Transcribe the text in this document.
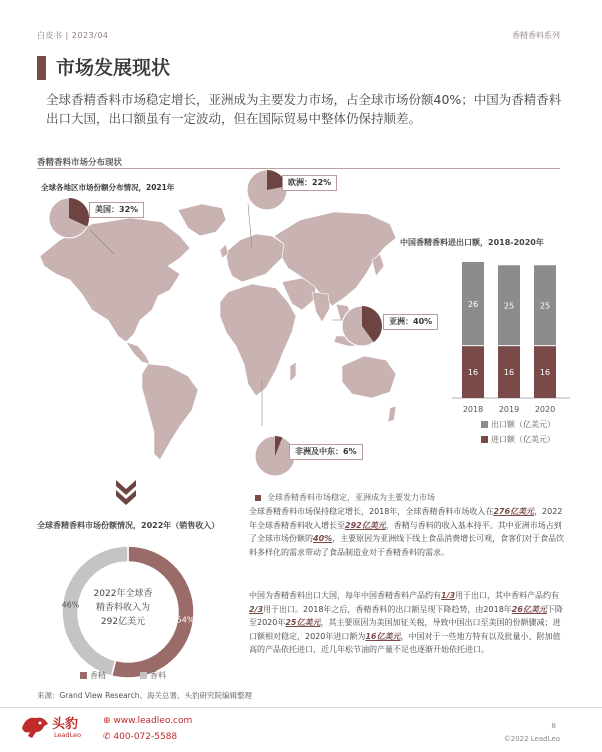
白皮书 | 2023/04	香精香料系列
市场发展现状
全球香精香料市场稳定增长，亚洲成为主要发力市场，占全球市场份额40%；中国为香精香料出口大国，出口额虽有一定波动，但在国际贸易中整体仍保持顺差。
香精香料市场分布现状
全球各地区市场份额分布情况，2021年
美国：32%
欧洲：22%
亚洲：40%
非洲及中东：6%
中国香精香料进出口额，2018-2020年
16
26
2018
16
25
2019
16
25
2020
出口额（亿美元）
进口额（亿美元）
全球香精香料市场稳定，亚洲成为主要发力市场
全球香精香料市场保持稳定增长，2018年，全球香精香料市场收入在276亿美元，2022年全球香精香料收入增长至292亿美元，香精与香料的收入基本持平。其中亚洲市场占到了全球市场份额的40%，主要原因为亚洲线下线上食品消费增长可观，食客们对于食品饮料多样化的需求带动了食品制造业对于香精香料的需求。
中国为香精香料出口大国，每年中国香精香料产品约有1/3用于出口，其中香料产品约有2/3用于出口。2018年之后，香精香料的出口额呈现下降趋势，由2018年26亿美元下降至2020年25亿美元，其主要原因为美国加征关税，导致中国出口至美国的份额骤减；进口额相对稳定，2020年进口额为16亿美元，中国对于一些地方特有以及批量小、附加值高的产品依托进口，近几年松节油的产量不足也逐渐开始依托进口。
全球香精香料市场份额情况，2022年（销售收入）
54%
46%
2022年全球香
精香料收入为
292亿美元
香精	香料
来源：Grand View Research、海关总署、头豹研究院编辑整理
头豹
LeadLeo
⊕ www.leadleo.com
✆ 400-072-5588
8
©2022 LeadLeo
